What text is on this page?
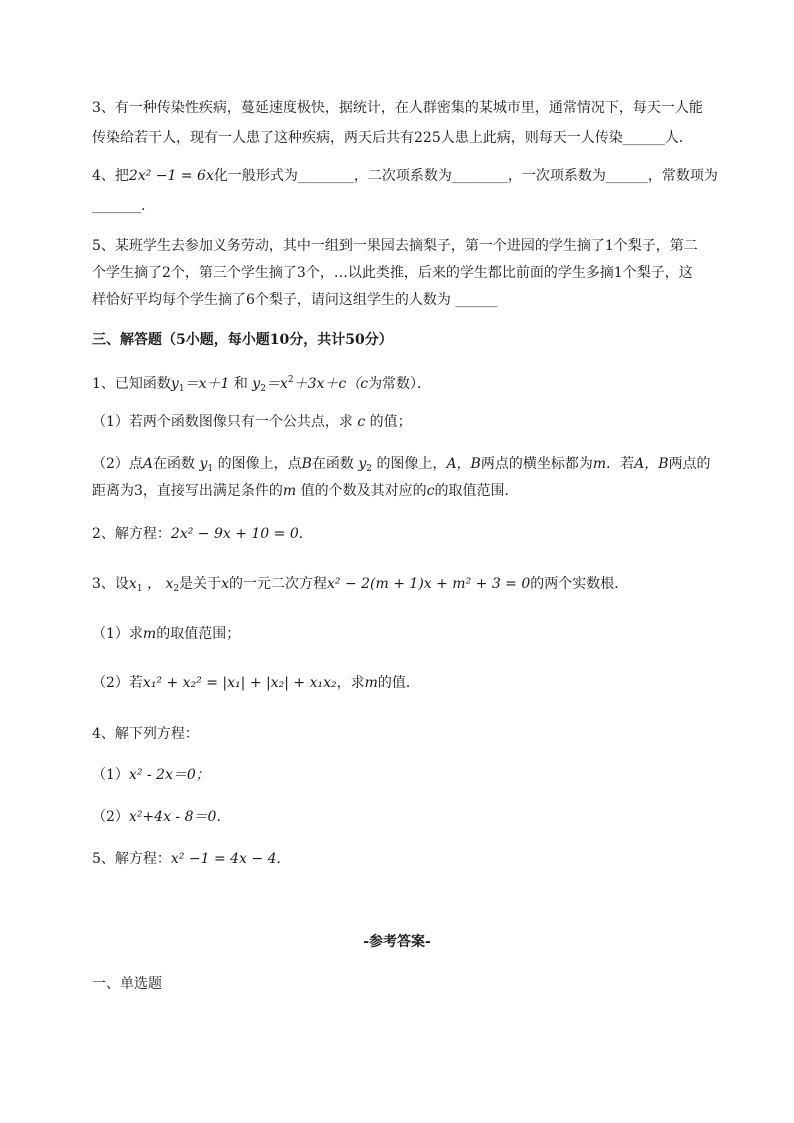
3、有一种传染性疾病，蔓延速度极快，据统计，在人群密集的某城市里，通常情况下，每天一人能
传染给若干人，现有一人患了这种疾病，两天后共有225人患上此病，则每天一人传染______人．
4、把2x² −1 = 6x化一般形式为________，二次项系数为________，一次项系数为______，常数项为
_______.
5、某班学生去参加义务劳动，其中一组到一果园去摘梨子，第一个进园的学生摘了1个梨子，第二
个学生摘了2个，第三个学生摘了3个，…以此类推，后来的学生都比前面的学生多摘1个梨子，这
样恰好平均每个学生摘了6个梨子，请问这组学生的人数为 ______
三、解答题（5小题，每小题10分，共计50分）
1、已知函数$y_1=x+1$ 和 $y_2=x^2+3x+c(c$为常数）．
（1）若两个函数图像只有一个公共点，求 c 的值；
（2）点A在函数 $y_1$ 的图像上，点B在函数 $y_2$ 的图像上，A，B两点的横坐标都为m．若A，B两点的
距离为3，直接写出满足条件的m 值的个数及其对应的c的取值范围．
2、解方程：2x² − 9x + 10 = 0．
3、设$x_1$ ， $x_2$是关于x的一元二次方程x² − 2(m + 1)x + m² + 3 = 0的两个实数根．
（1）求m的取值范围；
（2）若x₁² + x₂² = |x₁| + |x₂| + x₁x₂，求m的值．
4、解下列方程：
（1）x² - 2x＝0；
（2）x²+4x - 8＝0．
5、解方程：x² −1 = 4x − 4．
-参考答案-
一、单选题
